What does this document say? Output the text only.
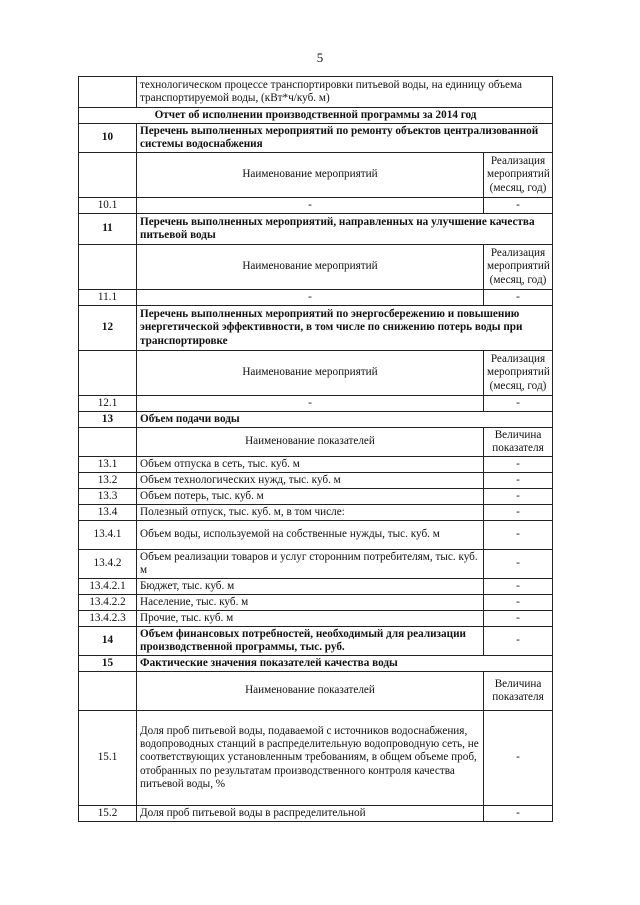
5
	технологическом процессе транспортировки питьевой воды, на единицу объема транспортируемой воды, (кВт*ч/куб. м)	
Отчет об исполнении производственной программы за 2014 год		
10	Перечень выполненных мероприятий по ремонту объектов централизованной системы водоснабжения	
	Наименование мероприятий	Реализация мероприятий (месяц, год)
10.1	-	-
11	Перечень выполненных мероприятий, направленных на улучшение качества питьевой воды	
	Наименование мероприятий	Реализация мероприятий (месяц, год)
11.1	-	-
12	Перечень выполненных мероприятий по энергосбережению и повышению энергетической эффективности, в том числе по снижению потерь воды при транспортировке	
	Наименование мероприятий	Реализация мероприятий (месяц, год)
12.1	-	-
13	Объем подачи воды	
	Наименование показателей	Величина показателя
13.1	Объем отпуска в сеть, тыс. куб. м	-
13.2	Объем технологических нужд, тыс. куб. м	-
13.3	Объем потерь, тыс. куб. м	-
13.4	Полезный отпуск, тыс. куб. м, в том числе:	-
13.4.1	Объем воды, используемой на собственные нужды, тыс. куб. м	-
13.4.2	Объем реализации товаров и услуг сторонним потребителям, тыс. куб. м	-
13.4.2.1	Бюджет, тыс. куб. м	-
13.4.2.2	Население, тыс. куб. м	-
13.4.2.3	Прочие, тыс. куб. м	-
14	Объем финансовых потребностей, необходимый для реализации производственной программы, тыс. руб.	-
15	Фактические значения показателей качества воды	
	Наименование показателей	Величина показателя
15.1	Доля проб питьевой воды, подаваемой с источников водоснабжения, водопроводных станций в распределительную водопроводную сеть, не соответствующих установленным требованиям, в общем объеме проб, отобранных по результатам производственного контроля качества питьевой воды, %	-
15.2	Доля проб питьевой воды в распределительной	-
